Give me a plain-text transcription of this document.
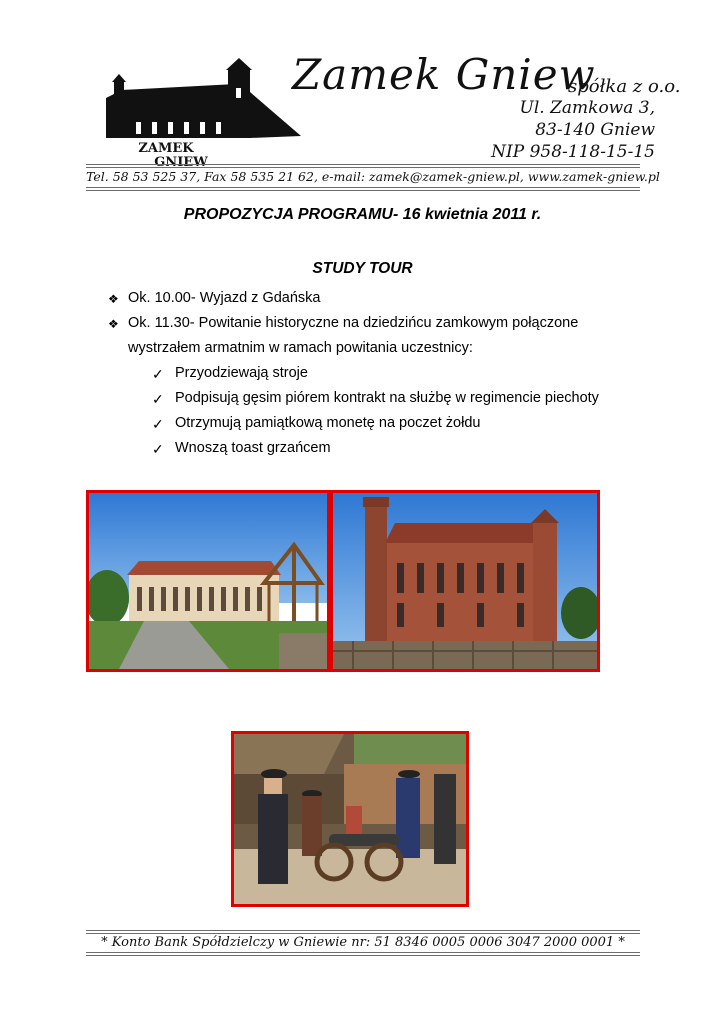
ZAMEK
GNIEW
Zamek Gniew
spółka z o.o.
Ul. Zamkowa 3,
83-140 Gniew
NIP 958-118-15-15
Tel. 58 53 525 37, Fax 58 535 21 62, e-mail: zamek@zamek-gniew.pl, www.zamek-gniew.pl
PROPOZYCJA PROGRAMU- 16 kwietnia 2011 r.
STUDY TOUR
❖ Ok. 10.00- Wyjazd z Gdańska
❖ Ok. 11.30- Powitanie historyczne na dziedzińcu zamkowym połączone
wystrzałem armatnim w ramach powitania uczestnicy:
✓ Przyodziewają stroje
✓ Podpisują gęsim piórem kontrakt na służbę w regimencie piechoty
✓ Otrzymują pamiątkową monetę na poczet żołdu
✓ Wnoszą toast grzańcem
* Konto Bank Spółdzielczy w Gniewie nr: 51 8346 0005 0006 3047 2000 0001 *
